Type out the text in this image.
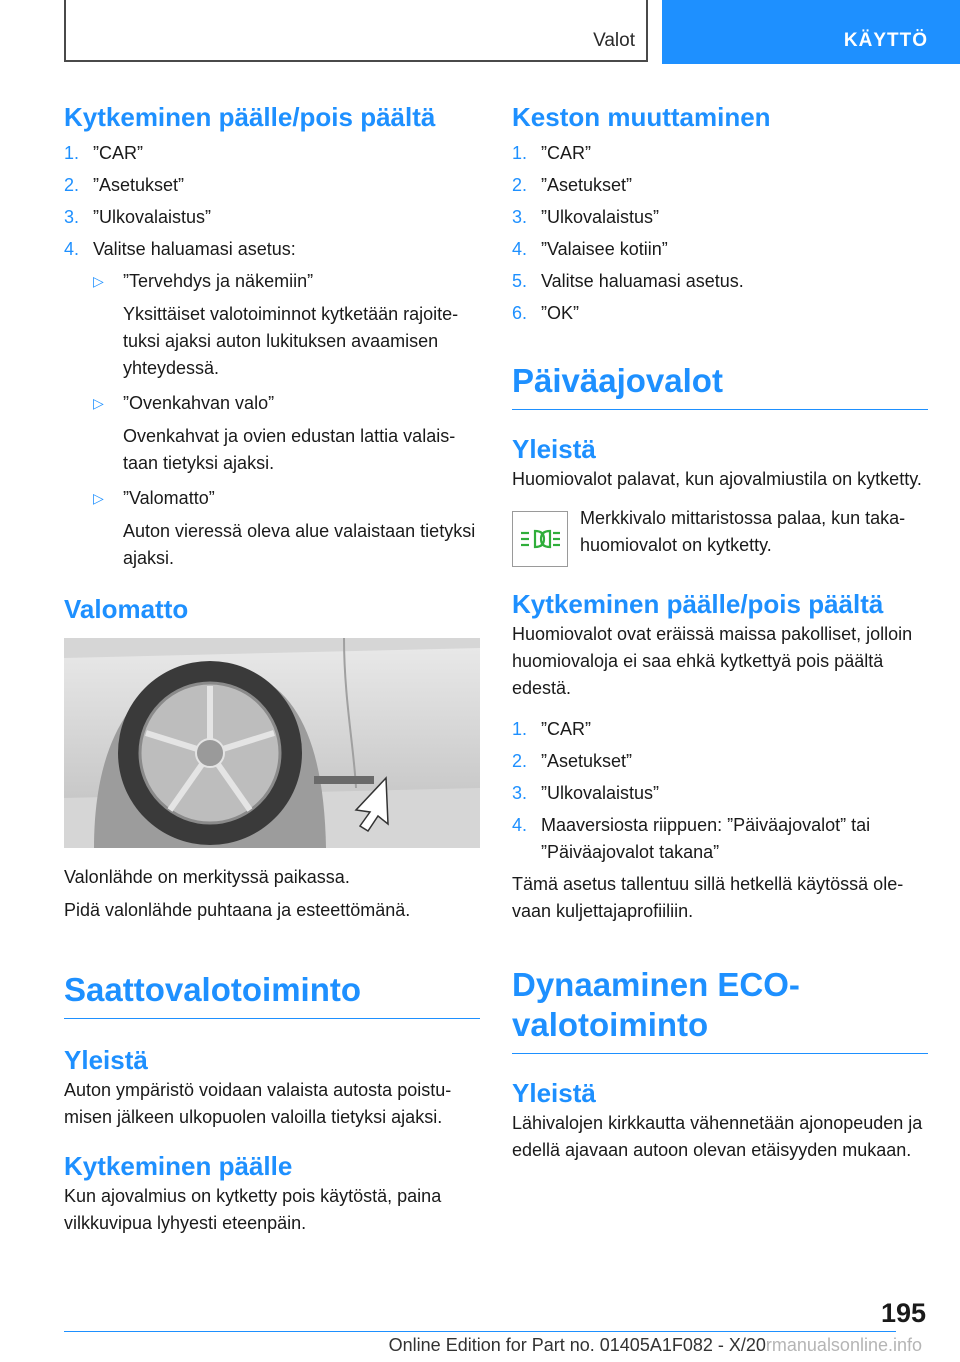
Valot	KÄYTTÖ
Kytkeminen päälle/pois päältä
1. ”CAR”
2. ”Asetukset”
3. ”Ulkovalaistus”
4. Valitse haluamasi asetus:
▷ ”Tervehdys ja näkemiin”
Yksittäiset valotoiminnot kytketään rajoitetuksi ajaksi auton lukituksen avaamisen yhteydessä.
▷ ”Ovenkahvan valo”
Ovenkahvat ja ovien edustan lattia valaistaan tietyksi ajaksi.
▷ ”Valomatto”
Auton vieressä oleva alue valaistaan tietyksi ajaksi.
Valomatto

Valonlähde on merkityssä paikassa.

Pidä valonlähde puhtaana ja esteettömänä.

Saattovalotoiminto
Yleistä

Auton ympäristö voidaan valaista autosta poistumisen jälkeen ulkopuolen valoilla tietyksi ajaksi.

Kytkeminen päälle

Kun ajovalmius on kytketty pois käytöstä, paina vilkkuvipua lyhyesti eteenpäin.

Keston muuttaminen
1. ”CAR”
2. ”Asetukset”
3. ”Ulkovalaistus”
4. ”Valaisee kotiin”
5. Valitse haluamasi asetus.
6. ”OK”
Päiväajovalot
Yleistä

Huomiovalot palavat, kun ajovalmiustila on kytketty.

Merkkivalo mittaristossa palaa, kun takahuomiovalot on kytketty.

Kytkeminen päälle/pois päältä

Huomiovalot ovat eräissä maissa pakolliset, jolloin huomiovaloja ei saa ehkä kytkettyä pois päältä edestä.

1. ”CAR”
2. ”Asetukset”
3. ”Ulkovalaistus”
4. Maaversiosta riippuen: ”Päiväajovalot” tai ”Päiväajovalot takana”

Tämä asetus tallentuu sillä hetkellä käytössä olevaan kuljettajaprofiiliin.

Dynaaminen ECO-valotoiminto
Yleistä

Lähivalojen kirkkautta vähennetään ajonopeuden ja edellä ajavaan autoon olevan etäisyyden mukaan.

195
Online Edition for Part no. 01405A1F082 - X/20rmanualsonline.info
